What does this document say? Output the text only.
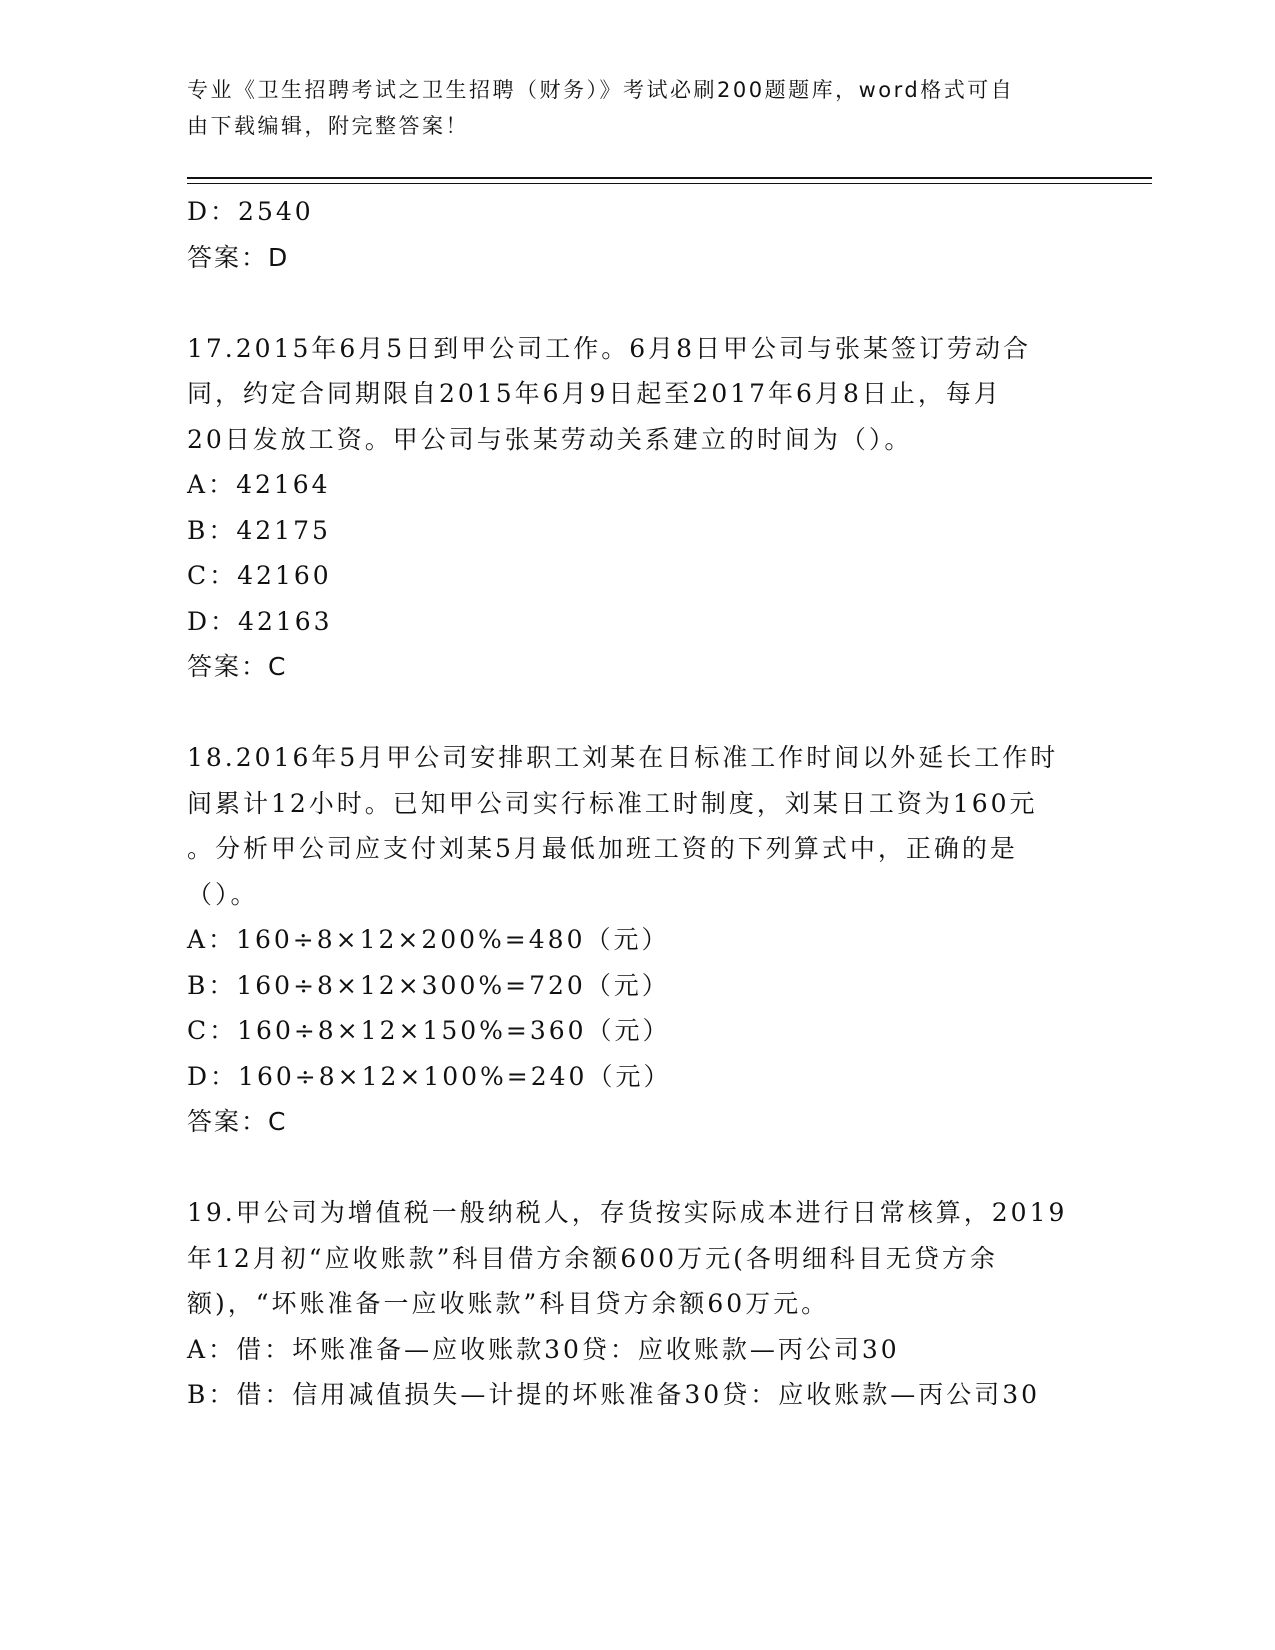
专业《卫生招聘考试之卫生招聘（财务）》考试必刷200题题库，word格式可自
由下载编辑，附完整答案！
D：2540
答案：D
17.2015年6月5日到甲公司工作。6月8日甲公司与张某签订劳动合
同，约定合同期限自2015年6月9日起至2017年6月8日止，每月
20日发放工资。甲公司与张某劳动关系建立的时间为（）。
A：42164
B：42175
C：42160
D：42163
答案：C
18.2016年5月甲公司安排职工刘某在日标准工作时间以外延长工作时
间累计12小时。已知甲公司实行标准工时制度，刘某日工资为160元
。分析甲公司应支付刘某5月最低加班工资的下列算式中，正确的是
（）。
A：160÷8×12×200%=480（元）
B：160÷8×12×300%=720（元）
C：160÷8×12×150%=360（元）
D：160÷8×12×100%=240（元）
答案：C
19.甲公司为增值税一般纳税人，存货按实际成本进行日常核算，2019
年12月初“应收账款”科目借方余额600万元(各明细科目无贷方余
额)，“坏账准备一应收账款”科目贷方余额60万元。
A：借：坏账准备—应收账款30贷：应收账款—丙公司30
B：借：信用减值损失—计提的坏账准备30贷：应收账款—丙公司30
